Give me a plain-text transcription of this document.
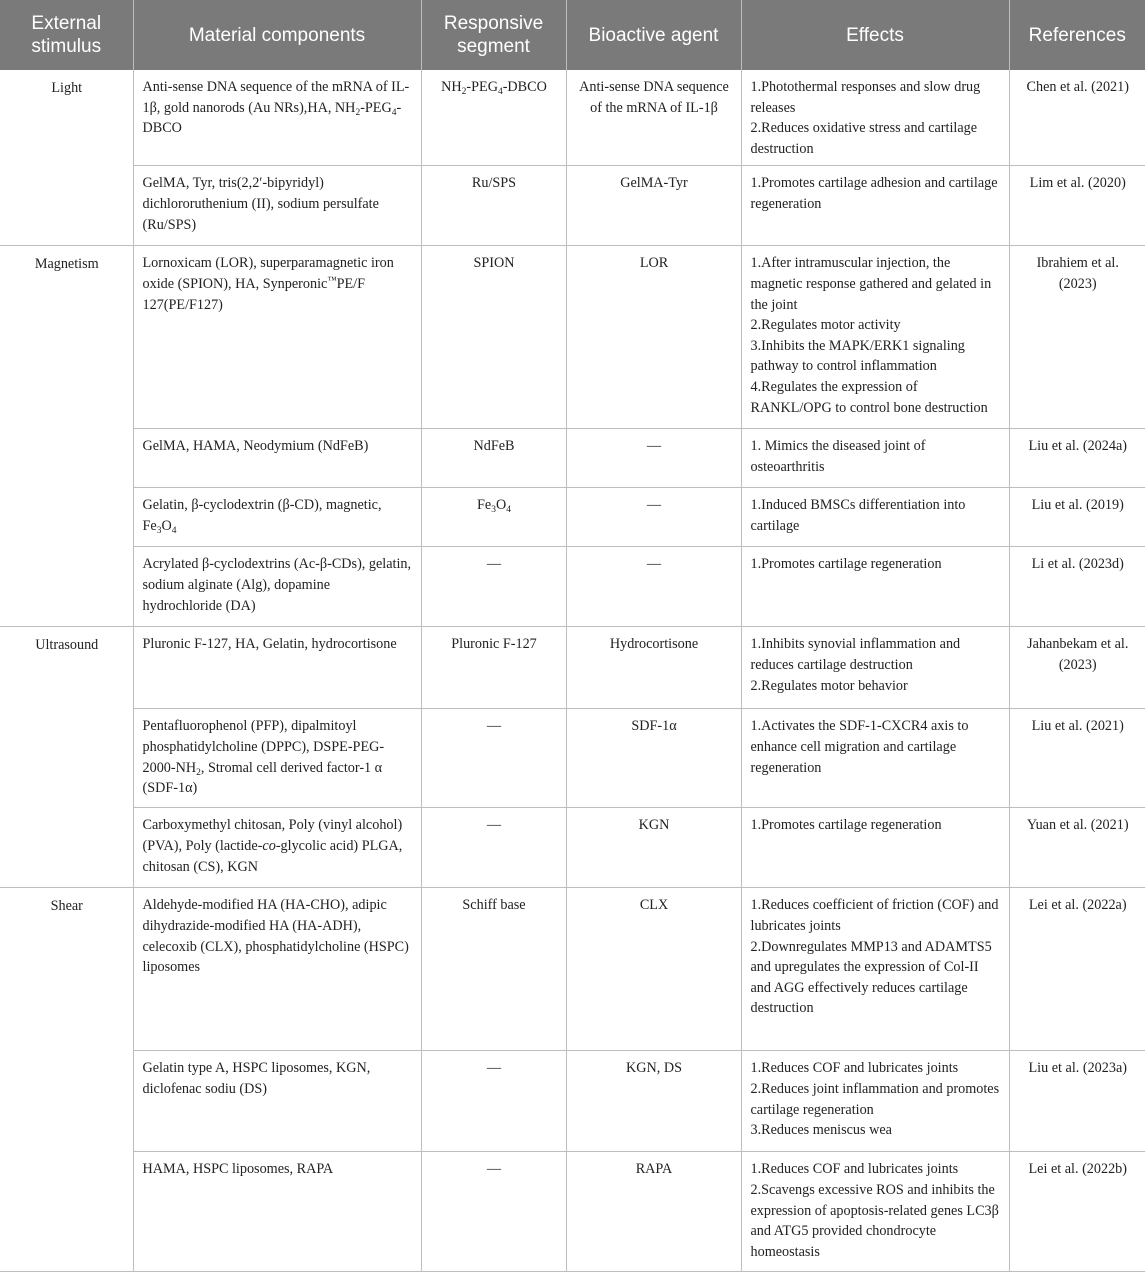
External stimulus	Material components	Responsive segment	Bioactive agent	Effects	References
Light	Anti-sense DNA sequence of the mRNA of IL-1β, gold nanorods (Au NRs),HA, $NH_2-PEG_4$-DBCO	$NH_2-PEG_4$-DBCO	Anti-sense DNA sequence of the mRNA of IL-1β	1.Photothermal responses and slow drug releases
2.Reduces oxidative stress and cartilage destruction	Chen et al. (2021)
	GelMA, Tyr, tris(2,2′-bipyridyl) dichlororuthenium (II), sodium persulfate (Ru/SPS)	Ru/SPS	GelMA-Tyr	1.Promotes cartilage adhesion and cartilage regeneration	Lim et al. (2020)
Magnetism	Lornoxicam (LOR), superparamagnetic iron oxide (SPION), HA, Synperonic™PE/F 127(PE/F127)	SPION	LOR	1.After intramuscular injection, the magnetic response gathered and gelated in the joint
2.Regulates motor activity
3.Inhibits the MAPK/ERK1 signaling pathway to control inflammation
4.Regulates the expression of RANKL/OPG to control bone destruction	Ibrahiem et al. (2023)
	GelMA, HAMA, Neodymium (NdFeB)	NdFeB	—	1. Mimics the diseased joint of osteoarthritis	Liu et al. (2024a)
	Gelatin, β-cyclodextrin (β-CD), magnetic, $Fe_3O_4$	$Fe_3O_4$	—	1.Induced BMSCs differentiation into cartilage	Liu et al. (2019)
	Acrylated β-cyclodextrins (Ac-β-CDs), gelatin, sodium alginate (Alg), dopamine hydrochloride (DA)	—	—	1.Promotes cartilage regeneration	Li et al. (2023d)
Ultrasound	Pluronic F-127, HA, Gelatin, hydrocortisone	Pluronic F-127	Hydrocortisone	1.Inhibits synovial inflammation and reduces cartilage destruction
2.Regulates motor behavior	Jahanbekam et al. (2023)
	Pentafluorophenol (PFP), dipalmitoyl phosphatidylcholine (DPPC), DSPE-$PEG-2000-NH_2$, Stromal cell derived factor-1 α (SDF-1α)	—	SDF-1α	1.Activates the SDF-1-CXCR4 axis to enhance cell migration and cartilage regeneration	Liu et al. (2021)
	Carboxymethyl chitosan, Poly (vinyl alcohol) (PVA), Poly (lactide-co-glycolic acid) PLGA, chitosan (CS), KGN	—	KGN	1.Promotes cartilage regeneration	Yuan et al. (2021)
Shear	Aldehyde-modified HA (HA-CHO), adipic dihydrazide-modified HA (HA-ADH), celecoxib (CLX), phosphatidylcholine (HSPC) liposomes	Schiff base	CLX	1.Reduces coefficient of friction (COF) and lubricates joints
2.Downregulates MMP13 and ADAMTS5 and upregulates the expression of Col-II and AGG effectively reduces cartilage destruction	Lei et al. (2022a)
	Gelatin type A, HSPC liposomes, KGN, diclofenac sodiu (DS)	—	KGN, DS	1.Reduces COF and lubricates joints
2.Reduces joint inflammation and promotes cartilage regeneration
3.Reduces meniscus wea	Liu et al. (2023a)
	HAMA, HSPC liposomes, RAPA	—	RAPA	1.Reduces COF and lubricates joints
2.Scavengs excessive ROS and inhibits the expression of apoptosis-related genes LC3β and ATG5 provided chondrocyte homeostasis	Lei et al. (2022b)
